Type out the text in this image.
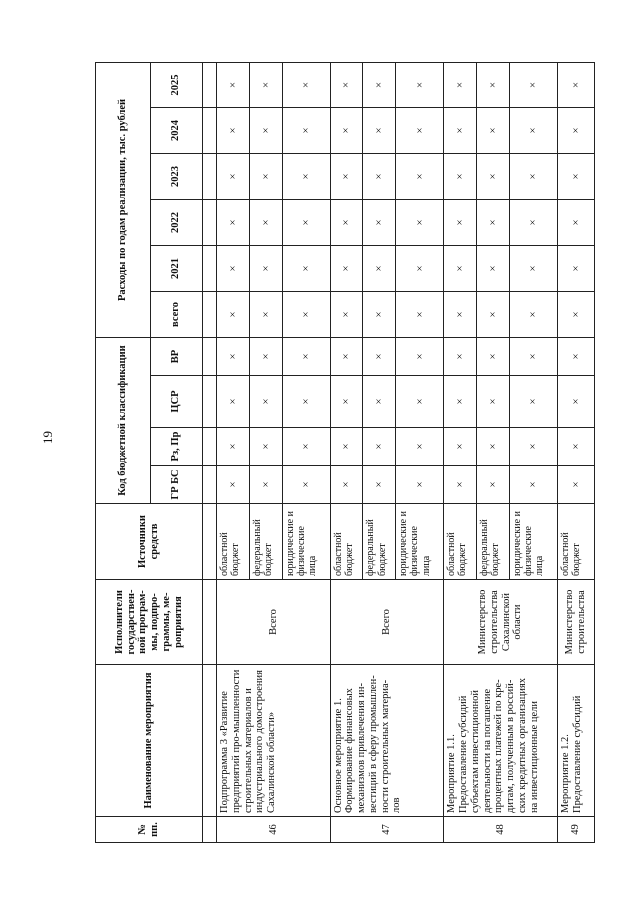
19
№ пп.	Наименование мероприятия	Исполнители государствен-ной програм-мы, подпро-граммы, ме-роприятия	Источники средств	Код бюджетной классификации				Расходы по годам реализации, тыс. рублей					
				ГР БС	Рз, Пр	ЦСР	ВР	всего	2021	2022	2023	2024	2025

46	Подпрограмма 3 «Развитие предприятий про-мышленности строительных материалов и индустриального домостроения Сахалинской области»	Всего	областной бюджет	×	×	×	×	×	×	×	×	×	×
			федеральный бюджет	×	×	×	×	×	×	×	×	×	×
			юридические и физические лица	×	×	×	×	×	×	×	×	×	×
47	Основное мероприятие 1. Формирование финансовых механизмов привлечения ин-вестиций в сферу промышлен-ности строительных материа-лов	Всего	областной бюджет	×	×	×	×	×	×	×	×	×	×
			федеральный бюджет	×	×	×	×	×	×	×	×	×	×
			юридические и физические лица	×	×	×	×	×	×	×	×	×	×
48	Мероприятие 1.1. Предоставление субсидий субъектам инвестиционной деятельности на погашение процентных платежей по кре-дитам, полученным в россий-ских кредитных организациях на инвестиционные цели	Министерство строительства Сахалинской области	областной бюджет	×	×	×	×	×	×	×	×	×	×
			федеральный бюджет	×	×	×	×	×	×	×	×	×	×
			юридические и физические лица	×	×	×	×	×	×	×	×	×	×
49	Мероприятие 1.2. Предоставление субсидий	Министерство строительства	областной бюджет	×	×	×	×	×	×	×	×	×	×
